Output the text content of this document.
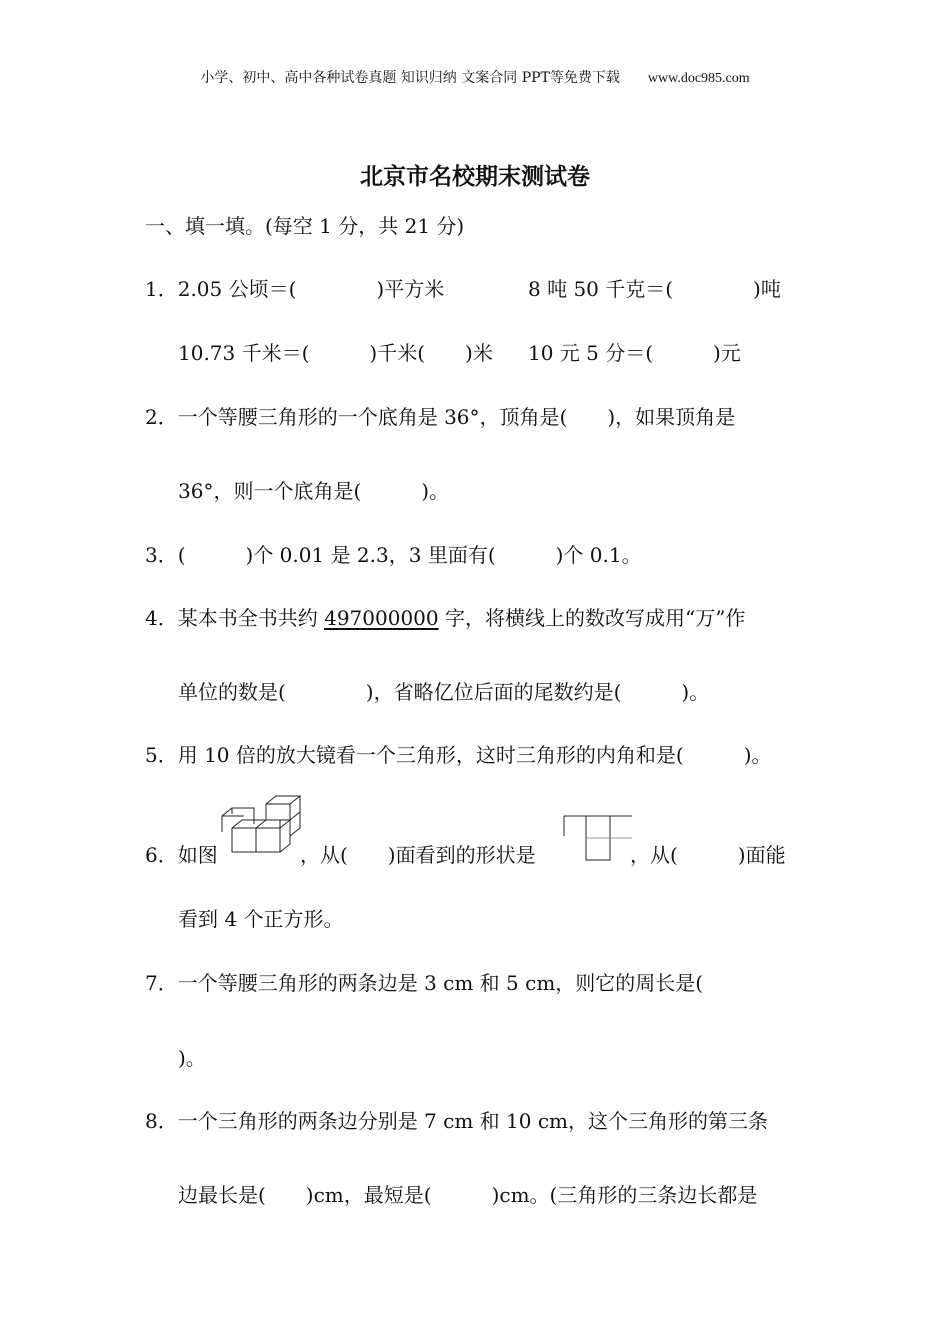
小学、初中、高中各种试卷真题 知识归纳 文案合同 PPT等免费下载 www.doc985.com
北京市名校期末测试卷
一、填一填。(每空 1 分，共 21 分)
1．2.05 公顷＝(　　　　)平方米	8 吨 50 千克＝(　　　　)吨
10.73 千米＝(　　　)千米(　　)米 10 元 5 分＝(　　　)元
2．一个等腰三角形的一个底角是 36°，顶角是(　　)，如果顶角是
36°，则一个底角是(　　　)。
3．(　　　)个 0.01 是 2.3，3 里面有(　　　)个 0.1。
4．某本书全书共约 497000000 字，将横线上的数改写成用“万”作
单位的数是(　　　　)，省略亿位后面的尾数约是(　　　)。
5．用 10 倍的放大镜看一个三角形，这时三角形的内角和是(　　　)。
6．如图	，从(　　)面看到的形状是	，从(　　　)面能
看到 4 个正方形。
7．一个等腰三角形的两条边是 3 cm 和 5 cm，则它的周长是(
)。
8．一个三角形的两条边分别是 7 cm 和 10 cm，这个三角形的第三条
边最长是(　　)cm，最短是(　　　)cm。(三角形的三条边长都是
